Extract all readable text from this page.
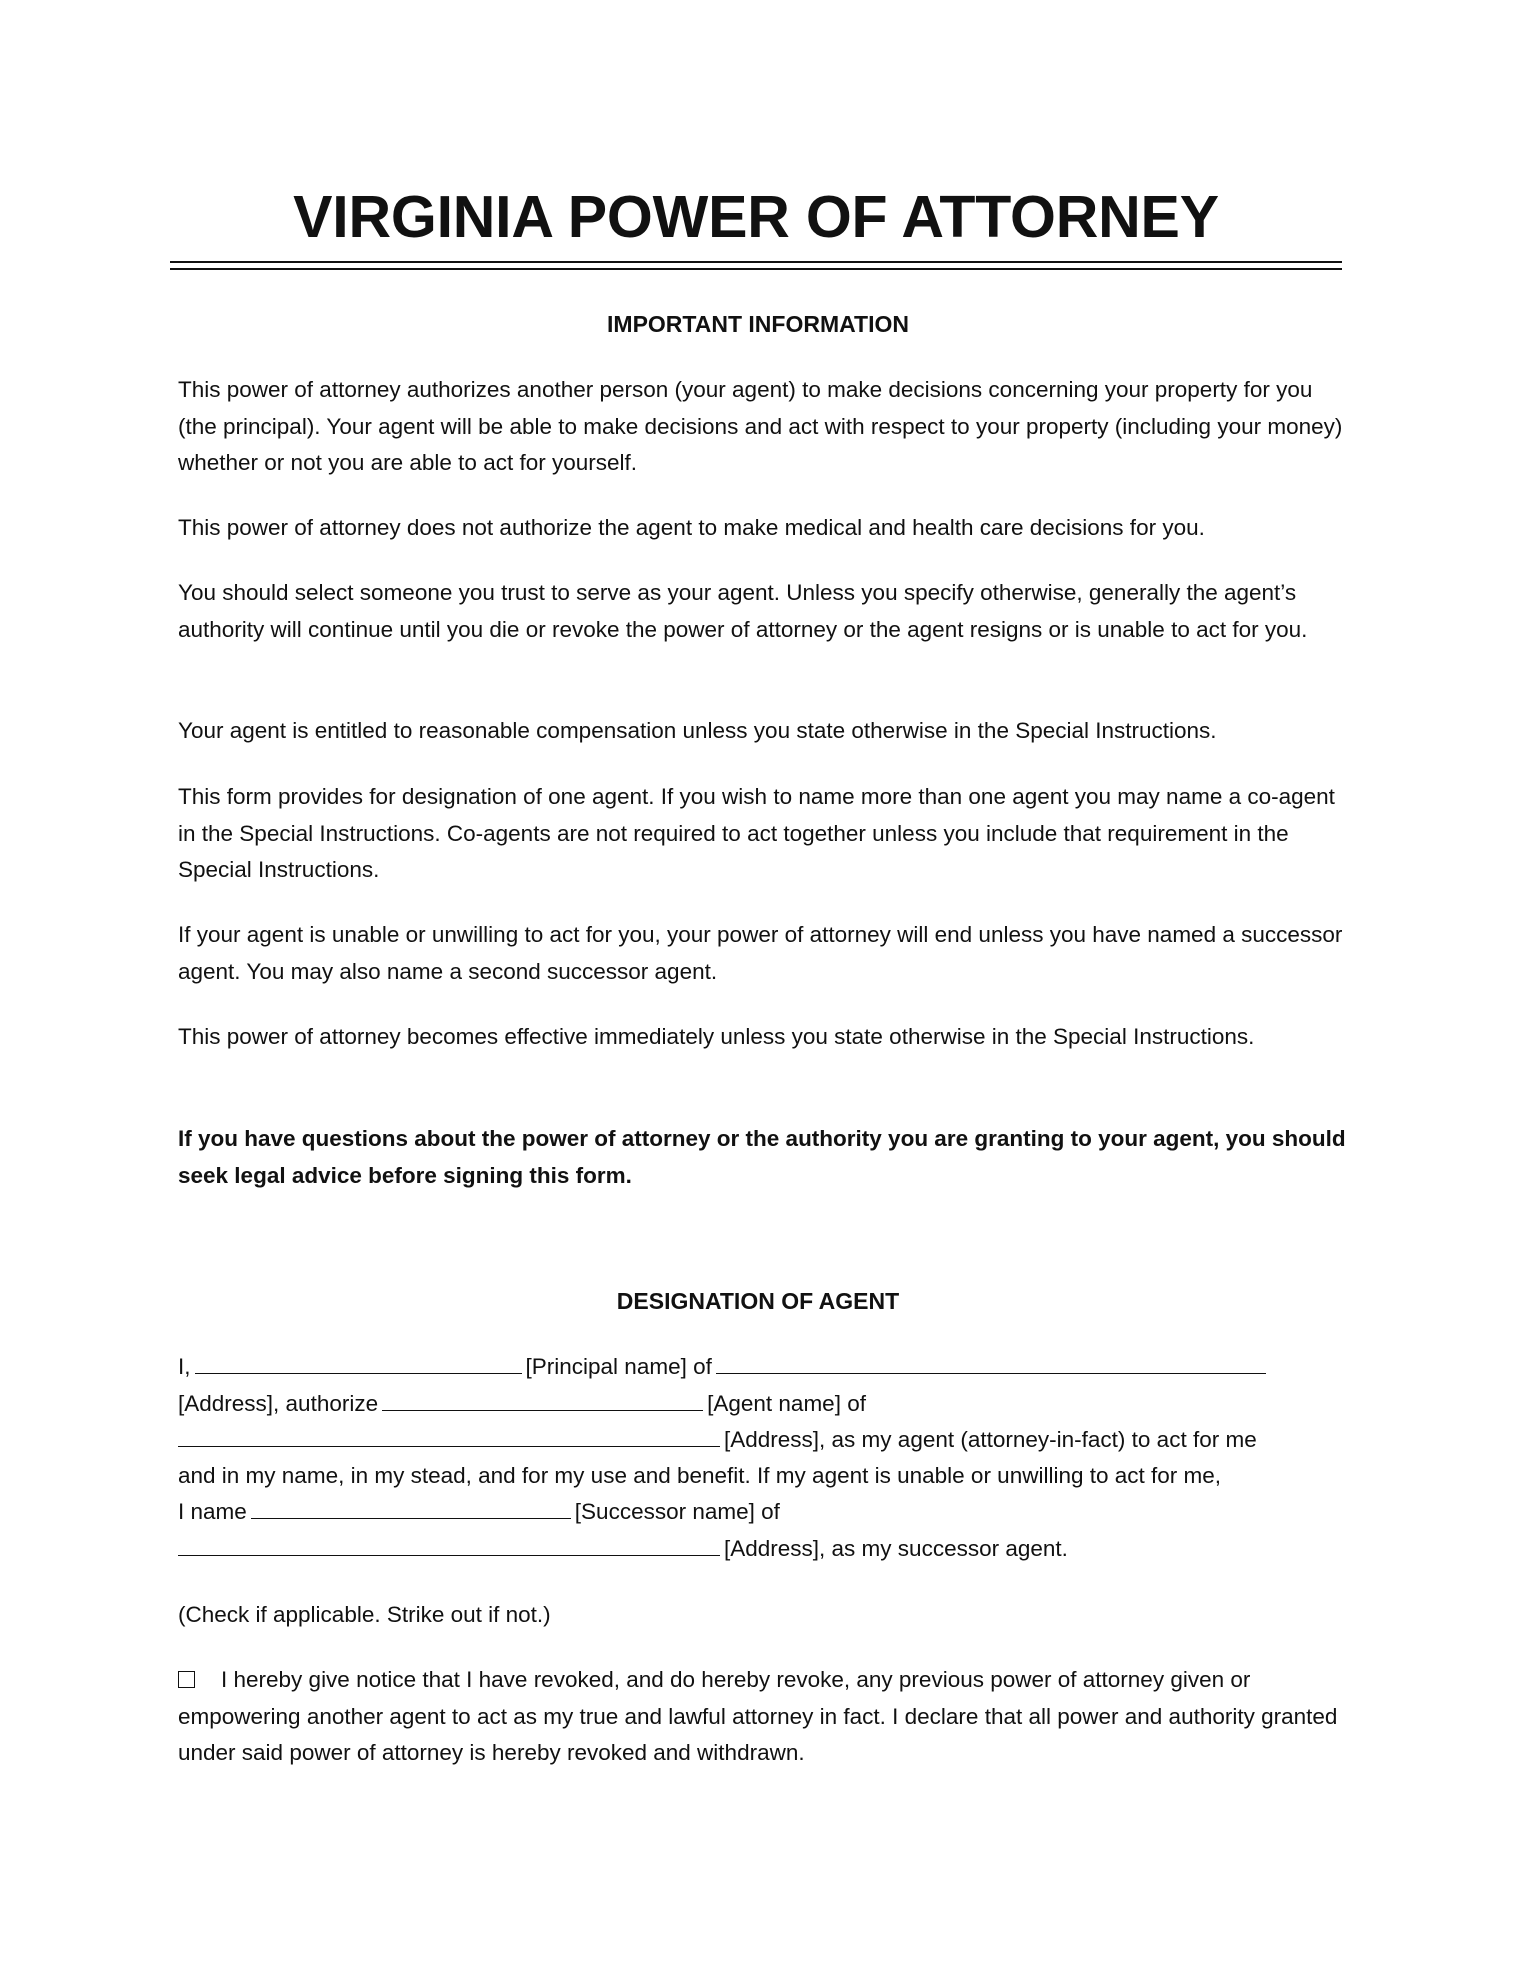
VIRGINIA POWER OF ATTORNEY
IMPORTANT INFORMATION
This power of attorney authorizes another person (your agent) to make decisions concerning your property for you (the principal). Your agent will be able to make decisions and act with respect to your property (including your money) whether or not you are able to act for yourself.
This power of attorney does not authorize the agent to make medical and health care decisions for you.
You should select someone you trust to serve as your agent. Unless you specify otherwise, generally the agent’s authority will continue until you die or revoke the power of attorney or the agent resigns or is unable to act for you.
Your agent is entitled to reasonable compensation unless you state otherwise in the Special Instructions.
This form provides for designation of one agent. If you wish to name more than one agent you may name a co-agent in the Special Instructions. Co-agents are not required to act together unless you include that requirement in the Special Instructions.
If your agent is unable or unwilling to act for you, your power of attorney will end unless you have named a successor agent. You may also name a second successor agent.
This power of attorney becomes effective immediately unless you state otherwise in the Special Instructions.
If you have questions about the power of attorney or the authority you are granting to your agent, you should seek legal advice before signing this form.
DESIGNATION OF AGENT
I,	[Principal name] of
[Address], authorize	[Agent name] of
[Address], as my agent (attorney-in-fact) to act for me
and in my name, in my stead, and for my use and benefit. If my agent is unable or unwilling to act for me,
I name	[Successor name] of
[Address], as my successor agent.
(Check if applicable. Strike out if not.)
I hereby give notice that I have revoked, and do hereby revoke, any previous power of attorney given or empowering another agent to act as my true and lawful attorney in fact. I declare that all power and authority granted under said power of attorney is hereby revoked and withdrawn.
